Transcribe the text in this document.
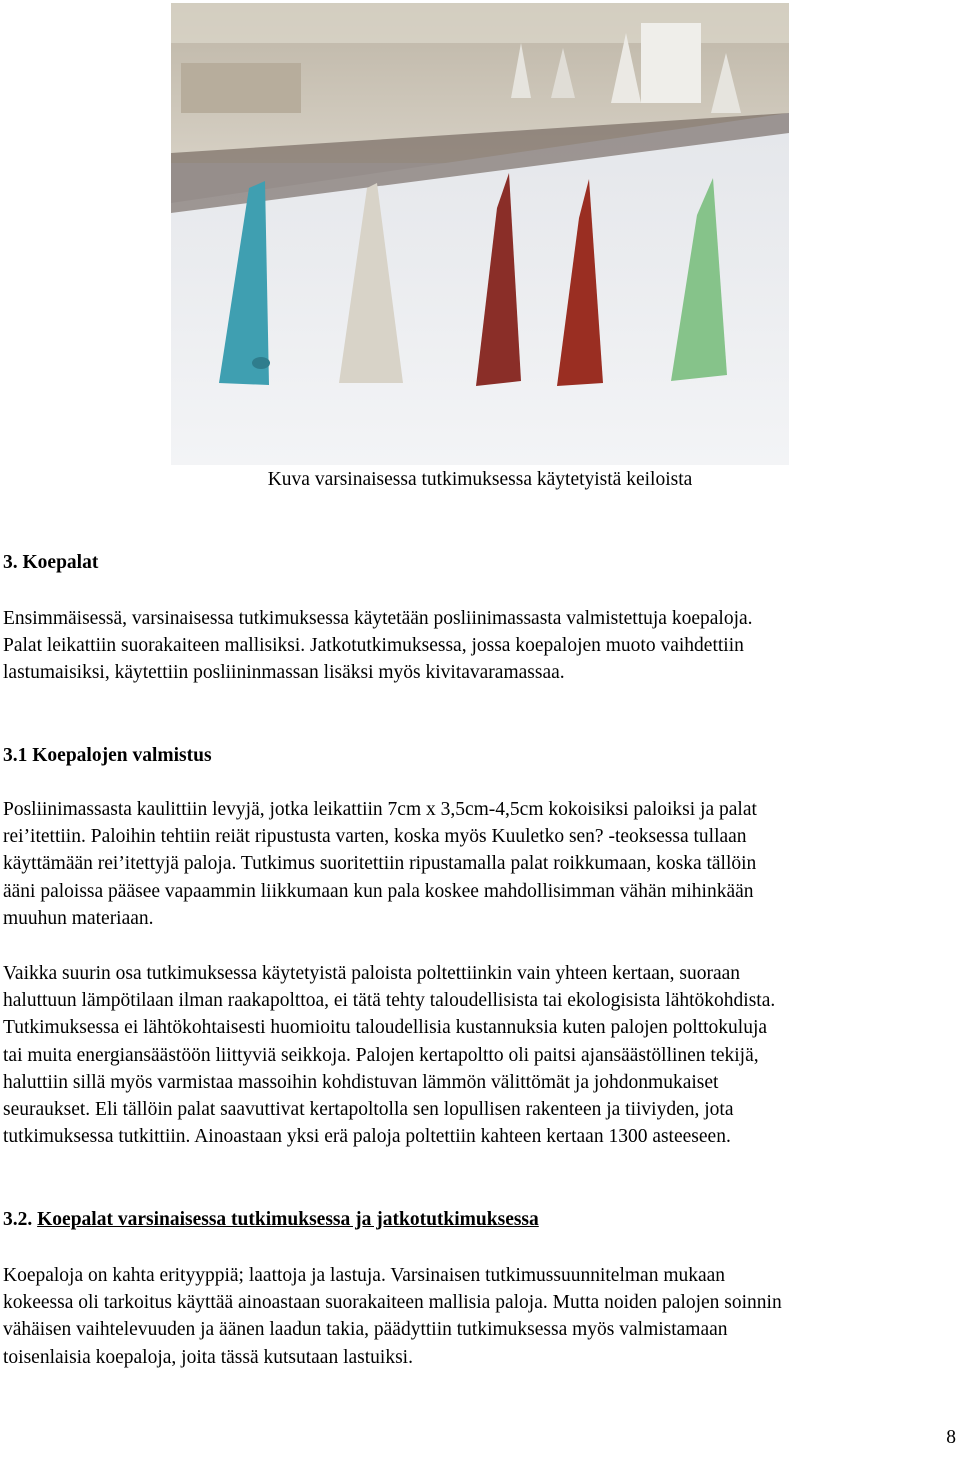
Kuva varsinaisessa tutkimuksessa käytetyistä keiloista
3. Koepalat
Ensimmäisessä, varsinaisessa tutkimuksessa käytetään posliinimassasta valmistettuja koepaloja.
Palat leikattiin suorakaiteen mallisiksi. Jatkotutkimuksessa, jossa koepalojen muoto vaihdettiin
lastumaisiksi, käytettiin posliininmassan lisäksi myös kivitavaramassaa.
3.1 Koepalojen valmistus
Posliinimassasta kaulittiin levyjä, jotka leikattiin 7cm x 3,5cm-4,5cm kokoisiksi paloiksi ja palat
rei’itettiin. Paloihin tehtiin reiät ripustusta varten, koska myös Kuuletko sen? -teoksessa tullaan
käyttämään rei’itettyjä paloja. Tutkimus suoritettiin ripustamalla palat roikkumaan, koska tällöin
ääni paloissa pääsee vapaammin liikkumaan kun pala koskee mahdollisimman vähän mihinkään
muuhun materiaan.
Vaikka suurin osa tutkimuksessa käytetyistä paloista poltettiinkin vain yhteen kertaan, suoraan
haluttuun lämpötilaan ilman raakapolttoa, ei tätä tehty taloudellisista tai ekologisista lähtökohdista.
Tutkimuksessa ei lähtökohtaisesti huomioitu taloudellisia kustannuksia kuten palojen polttokuluja
tai muita energiansäästöön liittyviä seikkoja. Palojen kertapoltto oli paitsi ajansäästöllinen tekijä,
haluttiin sillä myös varmistaa massoihin kohdistuvan lämmön välittömät ja johdonmukaiset
seuraukset. Eli tällöin palat saavuttivat kertapoltolla sen lopullisen rakenteen ja tiiviyden, jota
tutkimuksessa tutkittiin. Ainoastaan yksi erä paloja poltettiin kahteen kertaan 1300 asteeseen.
3.2. Koepalat varsinaisessa tutkimuksessa ja jatkotutkimuksessa
Koepaloja on kahta erityyppiä; laattoja ja lastuja. Varsinaisen tutkimussuunnitelman mukaan
kokeessa oli tarkoitus käyttää ainoastaan suorakaiteen mallisia paloja. Mutta noiden palojen soinnin
vähäisen vaihtelevuuden ja äänen laadun takia, päädyttiin tutkimuksessa myös valmistamaan
toisenlaisia koepaloja, joita tässä kutsutaan lastuiksi.
8
